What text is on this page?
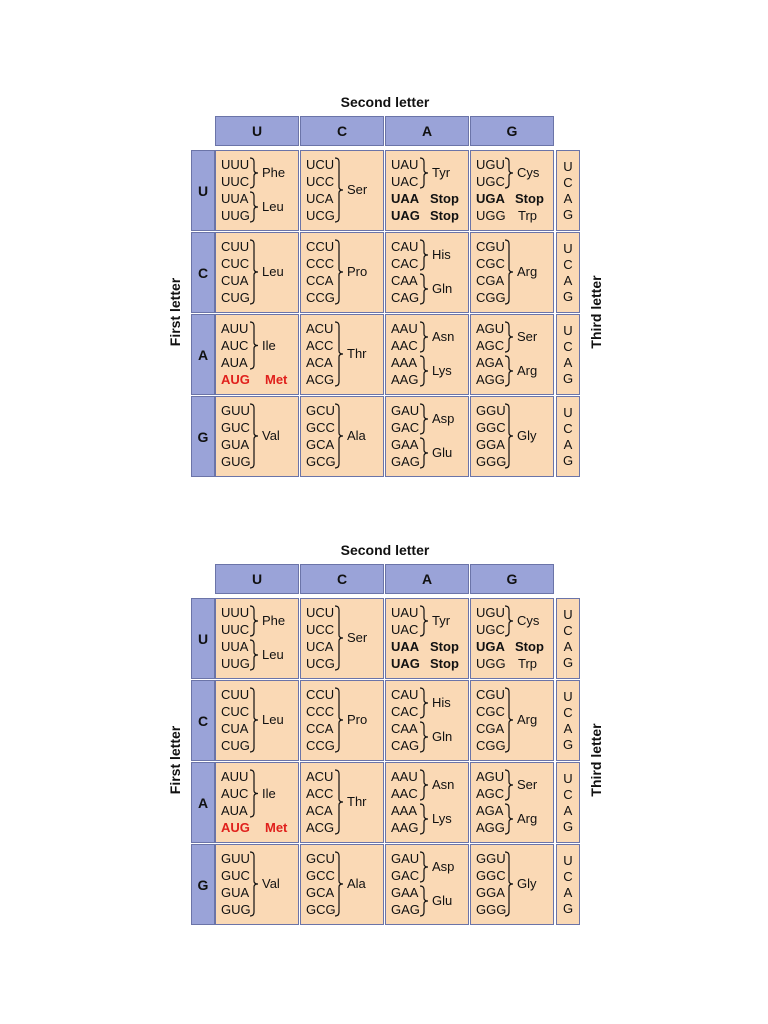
Second letter
First letter	Third letter
U
U
U
C
A
G
C
C
U
C
A
G
A
A
U
C
A
G
G
G
U
C
A
G
UUU
UUC
UUA
UUG
Phe
Leu
UCU
UCC
UCA
UCG
Ser
UAU
UAC
UAA
UAG
Tyr
Stop
Stop
UGU
UGC
UGA
UGG
Cys
Stop
Trp
CUU
CUC
CUA
CUG
Leu
CCU
CCC
CCA
CCG
Pro
CAU
CAC
CAA
CAG
His
Gln
CGU
CGC
CGA
CGG
Arg
AUU
AUC
AUA
AUG
Ile
Met
ACU
ACC
ACA
ACG
Thr
AAU
AAC
AAA
AAG
Asn
Lys
AGU
AGC
AGA
AGG
Ser
Arg
GUU
GUC
GUA
GUG
Val
GCU
GCC
GCA
GCG
Ala
GAU
GAC
GAA
GAG
Asp
Glu
GGU
GGC
GGA
GGG
Gly
Second letter
First letter	Third letter
U
U
U
C
A
G
C
C
U
C
A
G
A
A
U
C
A
G
G
G
U
C
A
G
UUU
UUC
UUA
UUG
Phe
Leu
UCU
UCC
UCA
UCG
Ser
UAU
UAC
UAA
UAG
Tyr
Stop
Stop
UGU
UGC
UGA
UGG
Cys
Stop
Trp
CUU
CUC
CUA
CUG
Leu
CCU
CCC
CCA
CCG
Pro
CAU
CAC
CAA
CAG
His
Gln
CGU
CGC
CGA
CGG
Arg
AUU
AUC
AUA
AUG
Ile
Met
ACU
ACC
ACA
ACG
Thr
AAU
AAC
AAA
AAG
Asn
Lys
AGU
AGC
AGA
AGG
Ser
Arg
GUU
GUC
GUA
GUG
Val
GCU
GCC
GCA
GCG
Ala
GAU
GAC
GAA
GAG
Asp
Glu
GGU
GGC
GGA
GGG
Gly
